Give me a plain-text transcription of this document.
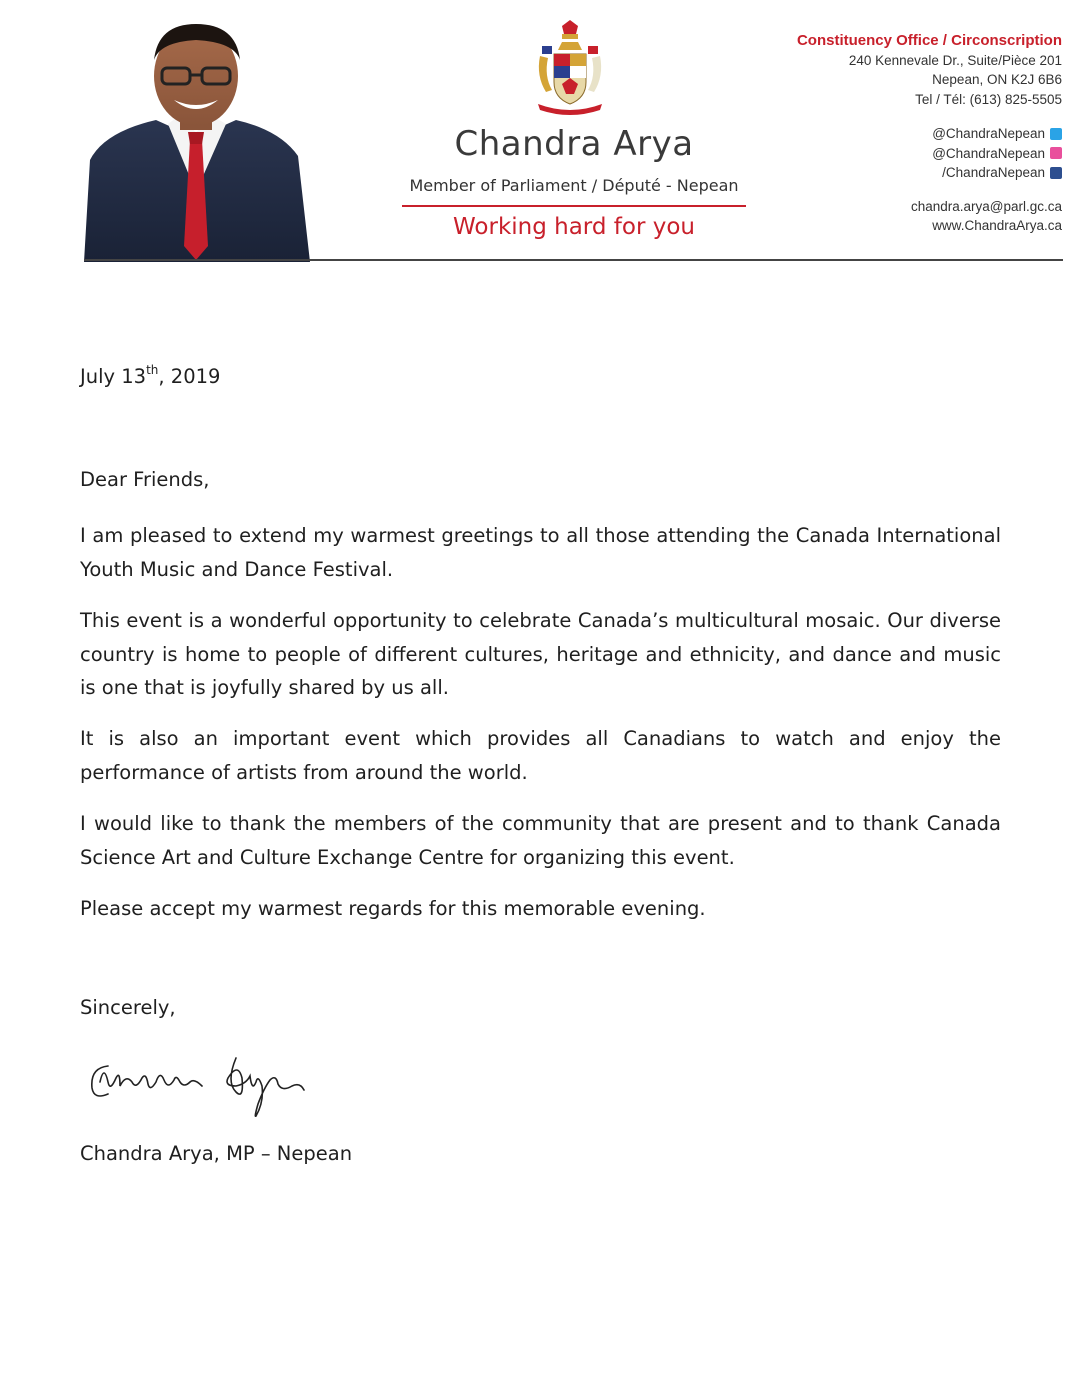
Chandra Arya
Member of Parliament / Député - Nepean
Working hard for you
Constituency Office / Circonscription
240 Kennevale Dr., Suite/Pièce 201
Nepean, ON K2J 6B6
Tel / Tél: (613) 825-5505
@ChandraNepean
@ChandraNepean
/ChandraNepean
chandra.arya@parl.gc.ca
www.ChandraArya.ca
July 13th, 2019
Dear Friends,

I am pleased to extend my warmest greetings to all those attending the Canada International Youth Music and Dance Festival.

This event is a wonderful opportunity to celebrate Canada’s multicultural mosaic. Our diverse country is home to people of different cultures, heritage and ethnicity, and dance and music is one that is joyfully shared by us all.

It is also an important event which provides all Canadians to watch and enjoy the performance of artists from around the world.

I would like to thank the members of the community that are present and to thank Canada Science Art and Culture Exchange Centre for organizing this event.

Please accept my warmest regards for this memorable evening.

Sincerely,
Chandra Arya, MP – Nepean
